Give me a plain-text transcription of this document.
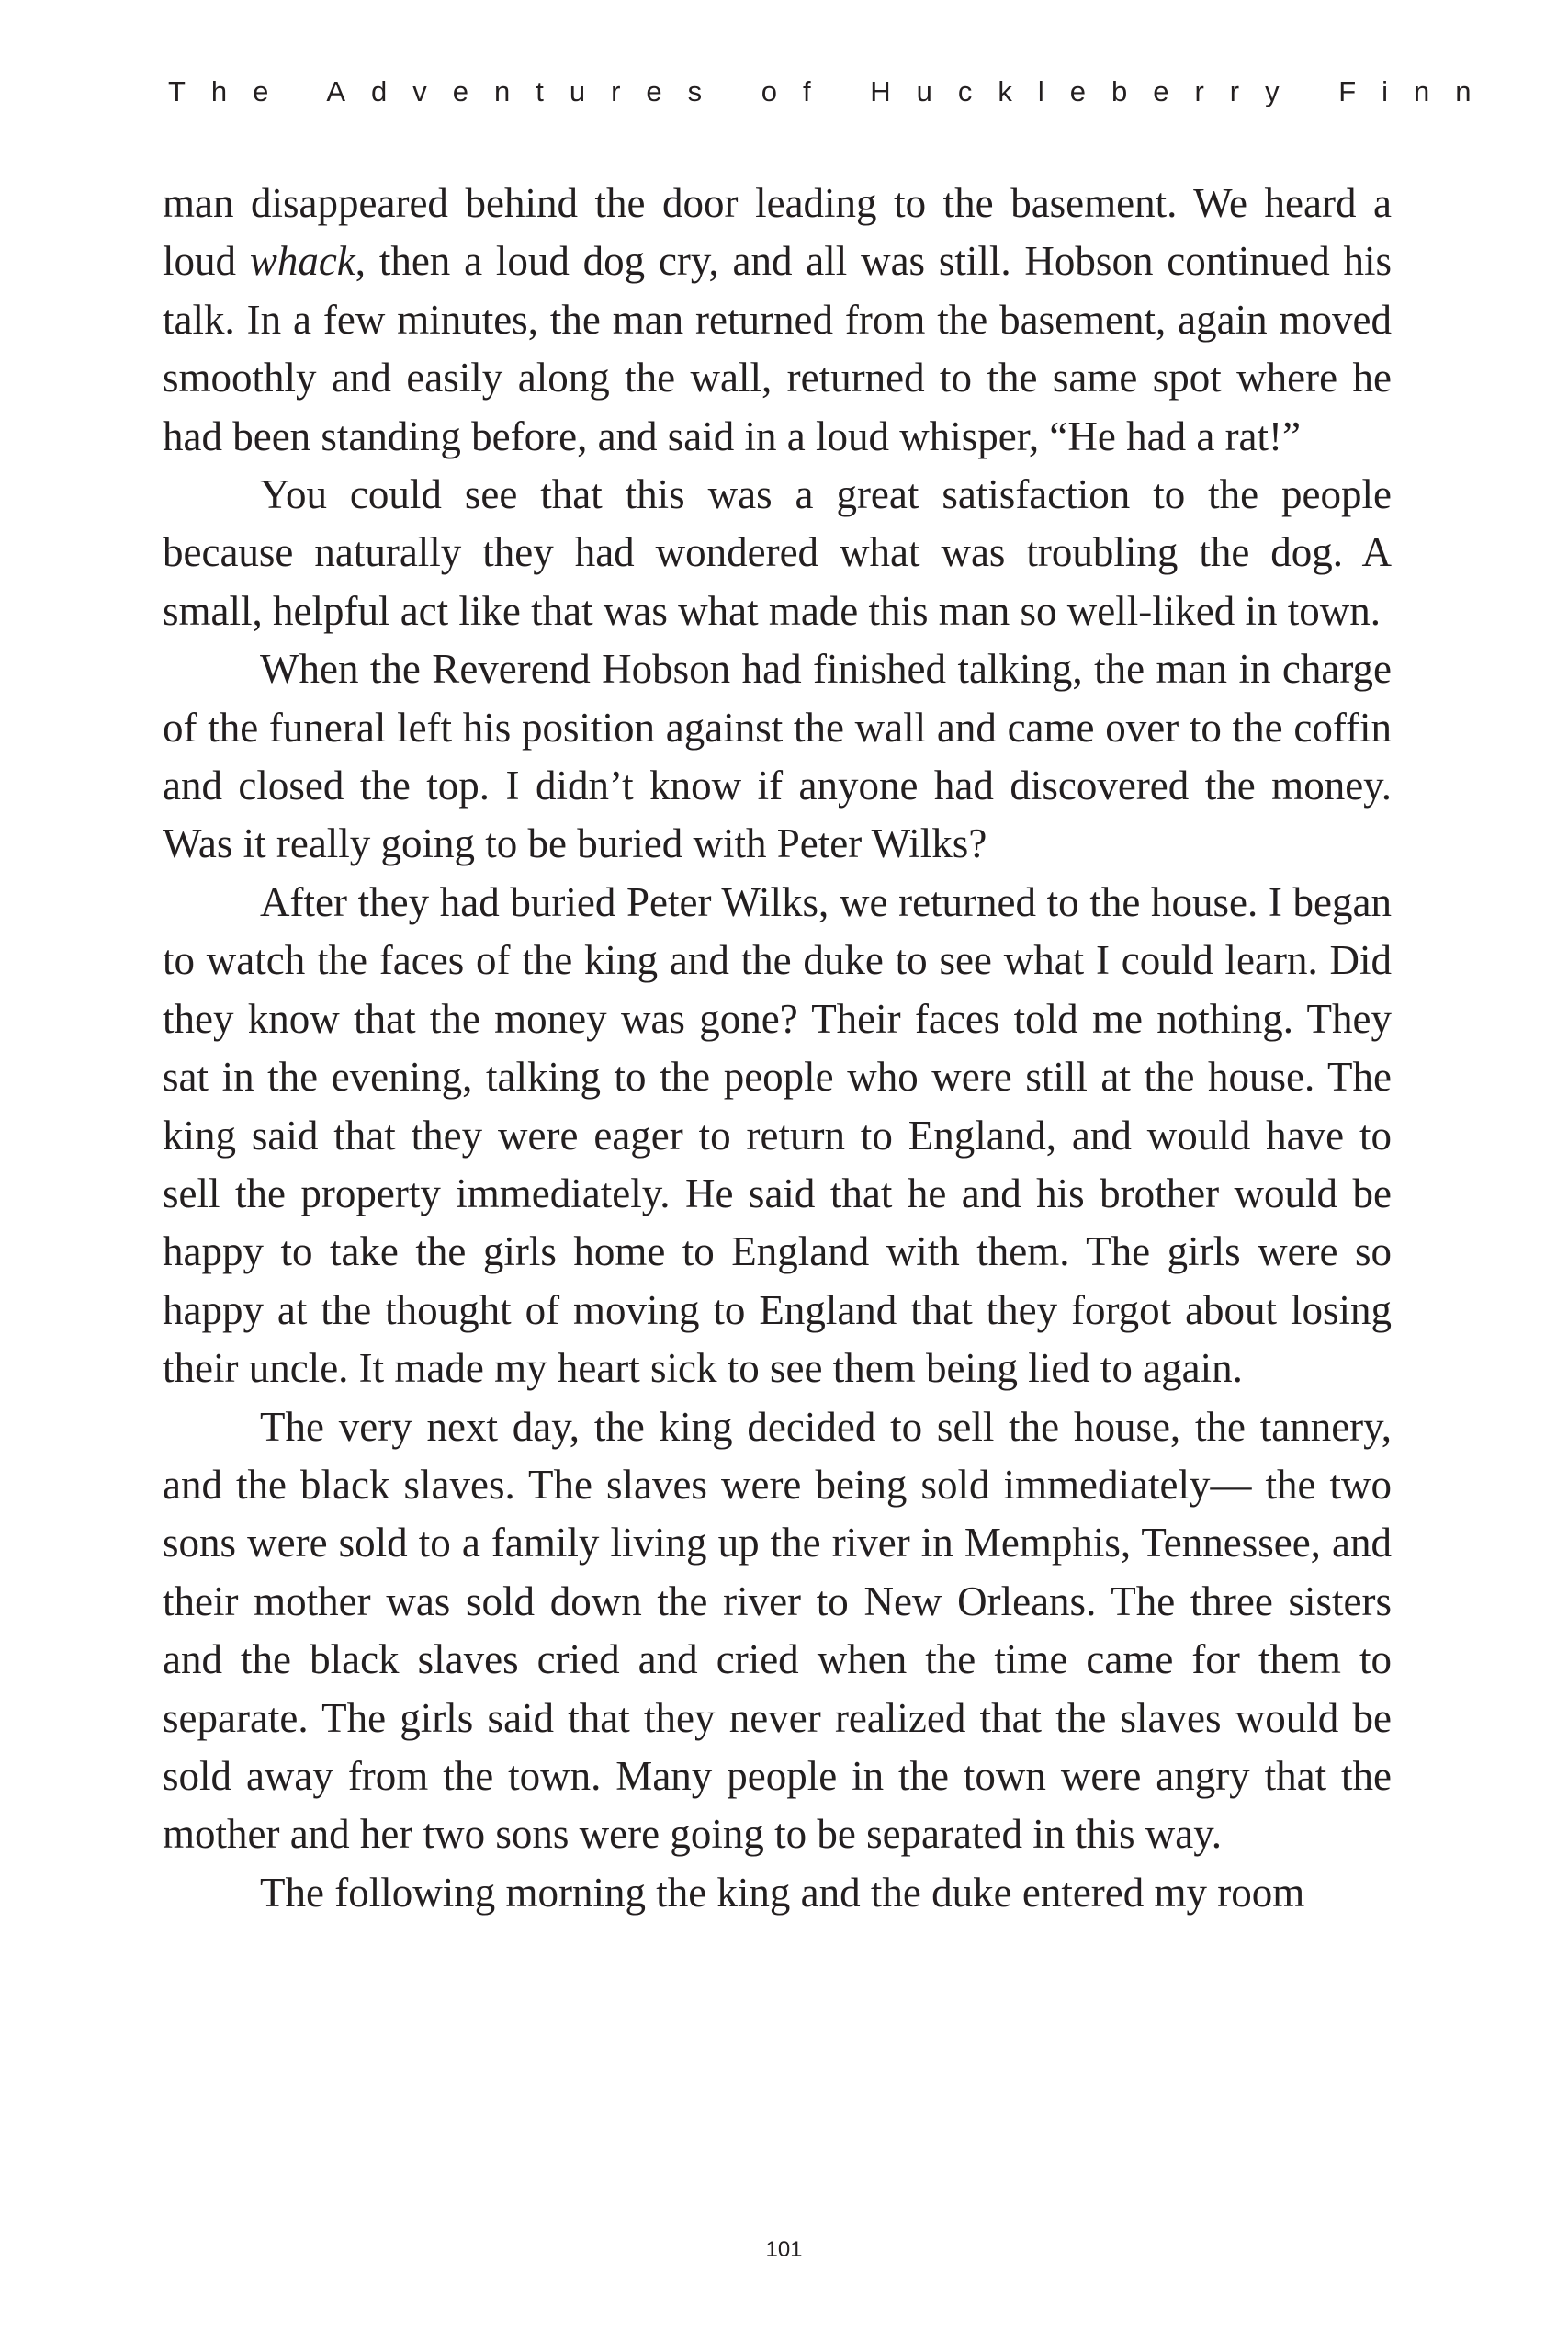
The Adventures of Huckleberry Finn

man disappeared behind the door leading to the basement. We heard a loud whack, then a loud dog cry, and all was still. Hobson continued his talk. In a few minutes, the man returned from the basement, again moved smoothly and easily along the wall, returned to the same spot where he had been standing before, and said in a loud whisper, “He had a rat!”

You could see that this was a great satisfaction to the people because naturally they had wondered what was troubling the dog. A small, helpful act like that was what made this man so well-liked in town.

When the Reverend Hobson had finished talking, the man in charge of the funeral left his position against the wall and came over to the coffin and closed the top. I didn’t know if anyone had discovered the money. Was it really going to be buried with Peter Wilks?

After they had buried Peter Wilks, we returned to the house. I began to watch the faces of the king and the duke to see what I could learn. Did they know that the money was gone? Their faces told me nothing. They sat in the evening, talking to the people who were still at the house. The king said that they were eager to return to England, and would have to sell the property immediately. He said that he and his brother would be happy to take the girls home to England with them. The girls were so happy at the thought of moving to England that they forgot about losing their uncle. It made my heart sick to see them being lied to again.

The very next day, the king decided to sell the house, the tannery, and the black slaves. The slaves were being sold immediately— the two sons were sold to a family living up the river in Memphis, Tennessee, and their mother was sold down the river to New Orleans. The three sisters and the black slaves cried and cried when the time came for them to separate. The girls said that they never realized that the slaves would be sold away from the town. Many people in the town were angry that the mother and her two sons were going to be separated in this way.

The following morning the king and the duke entered my room

101
